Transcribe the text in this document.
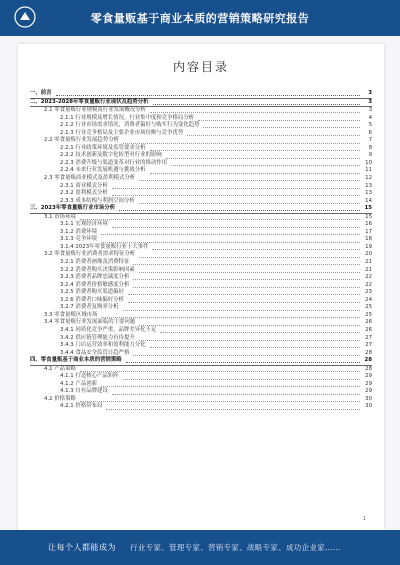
零食量贩基于商业本质的营销策略研究报告
内容目录
一、前言	3
二、2023-2028年零食量贩行业现状及趋势分析	3
2.1 零食量贩行业规模及行业发展概况分析	3
2.1.1 行业规模及增长情况，行业集中度和竞争格局分析	4
2.1.2 行业市场需求情况，消费者偏好与购买行为变化趋势	5
2.1.3 行业竞争格局及主要企业市场份额与竞争优势	6
2.2 零食量贩行业发展趋势分析	7
2.2.1 行业政策环境及监管要求分析	8
2.2.2 技术创新及数字化转型对行业的影响	9
2.2.3 消费升级与渠道变革对行业的推动作用	10
2.2.4 未来行业发展机遇与挑战分析	11
2.3 零食量贩商业模式及盈利模式分析	12
2.3.1 商业模式分析	13
2.3.2 盈利模式分析	13
2.3.3 成本结构与利润空间分析	14
三、2023年零食量贩行业市场分析	15
3.1 市场环境	15
3.1.1 宏观经济环境	16
3.1.2 消费环境	17
3.1.3 竞争环境	18
3.1.4 2023年零食量贩行业十大事件	19
3.2 零食量贩行业消费者需求特征分析	20
3.2.1 消费者画像及消费特征	21
3.2.2 消费者购买决策影响因素	21
3.2.3 消费者品牌忠诚度分析	22
3.2.4 消费者价格敏感度分析	22
3.2.5 消费者购买渠道偏好	23
3.2.6 消费者口味偏好分析	24
3.2.7 消费者复购率分析	25
3.3 零食量贩区域市场	25
3.4 零食量贩行业发展面临的主要问题	26
3.4.1 同质化竞争严重，品牌差异化不足	26
3.4.2 供应链管理能力有待提升	27
3.4.3 门店运营效率和盈利能力分化	27
3.4.4 食品安全监管日趋严格	28
四、零食量贩基于商业本质的营销策略	28
4.1 产品策略	28
4.1.1 打造核心产品矩阵	29
4.1.2 产品创新	29
4.1.3 自有品牌建设	29
4.2 价格策略	30
4.2.1 价格带布局	30
1
让每个人都能成为 行业专家、管理专家、营销专家、战略专家、成功企业家……
